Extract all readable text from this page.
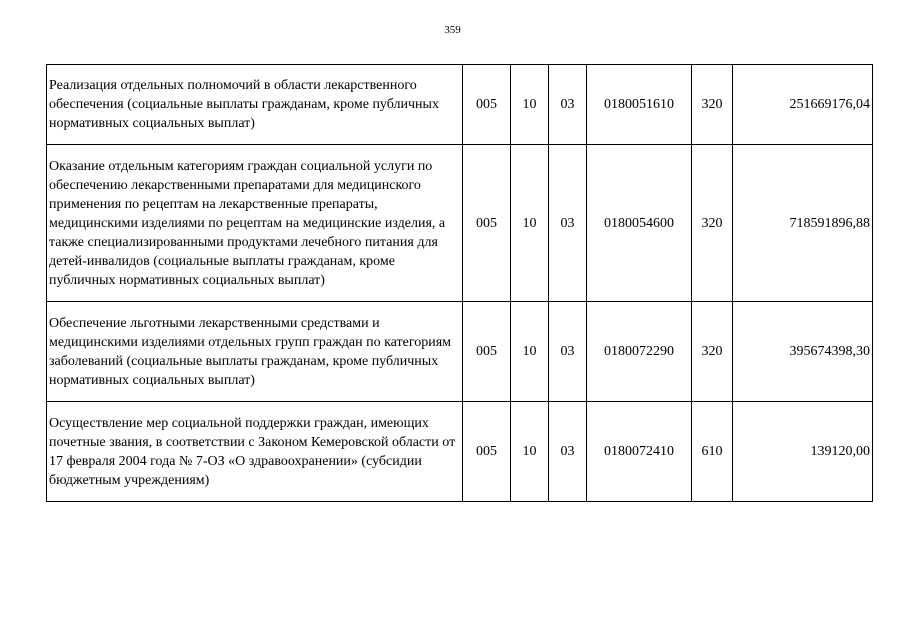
359
Реализация отдельных полномочий в области лекарственного обеспечения (социальные выплаты гражданам, кроме публичных нормативных социальных выплат)	005	10	03	0180051610	320	251669176,04
Оказание отдельным категориям граждан социальной услуги по обеспечению лекарственными препаратами для медицинского применения по рецептам на лекарственные препараты, медицинскими изделиями по рецептам на медицинские изделия, а также специализированными продуктами лечебного питания для детей-инвалидов (социальные выплаты гражданам, кроме публичных нормативных социальных выплат)	005	10	03	0180054600	320	718591896,88
Обеспечение льготными лекарственными средствами и медицинскими изделиями отдельных групп граждан по категориям заболеваний (социальные выплаты гражданам, кроме публичных нормативных социальных выплат)	005	10	03	0180072290	320	395674398,30
Осуществление мер социальной поддержки граждан, имеющих почетные звания, в соответствии с Законом Кемеровской области от 17 февраля 2004 года № 7-ОЗ «О здравоохранении» (субсидии бюджетным учреждениям)	005	10	03	0180072410	610	139120,00
